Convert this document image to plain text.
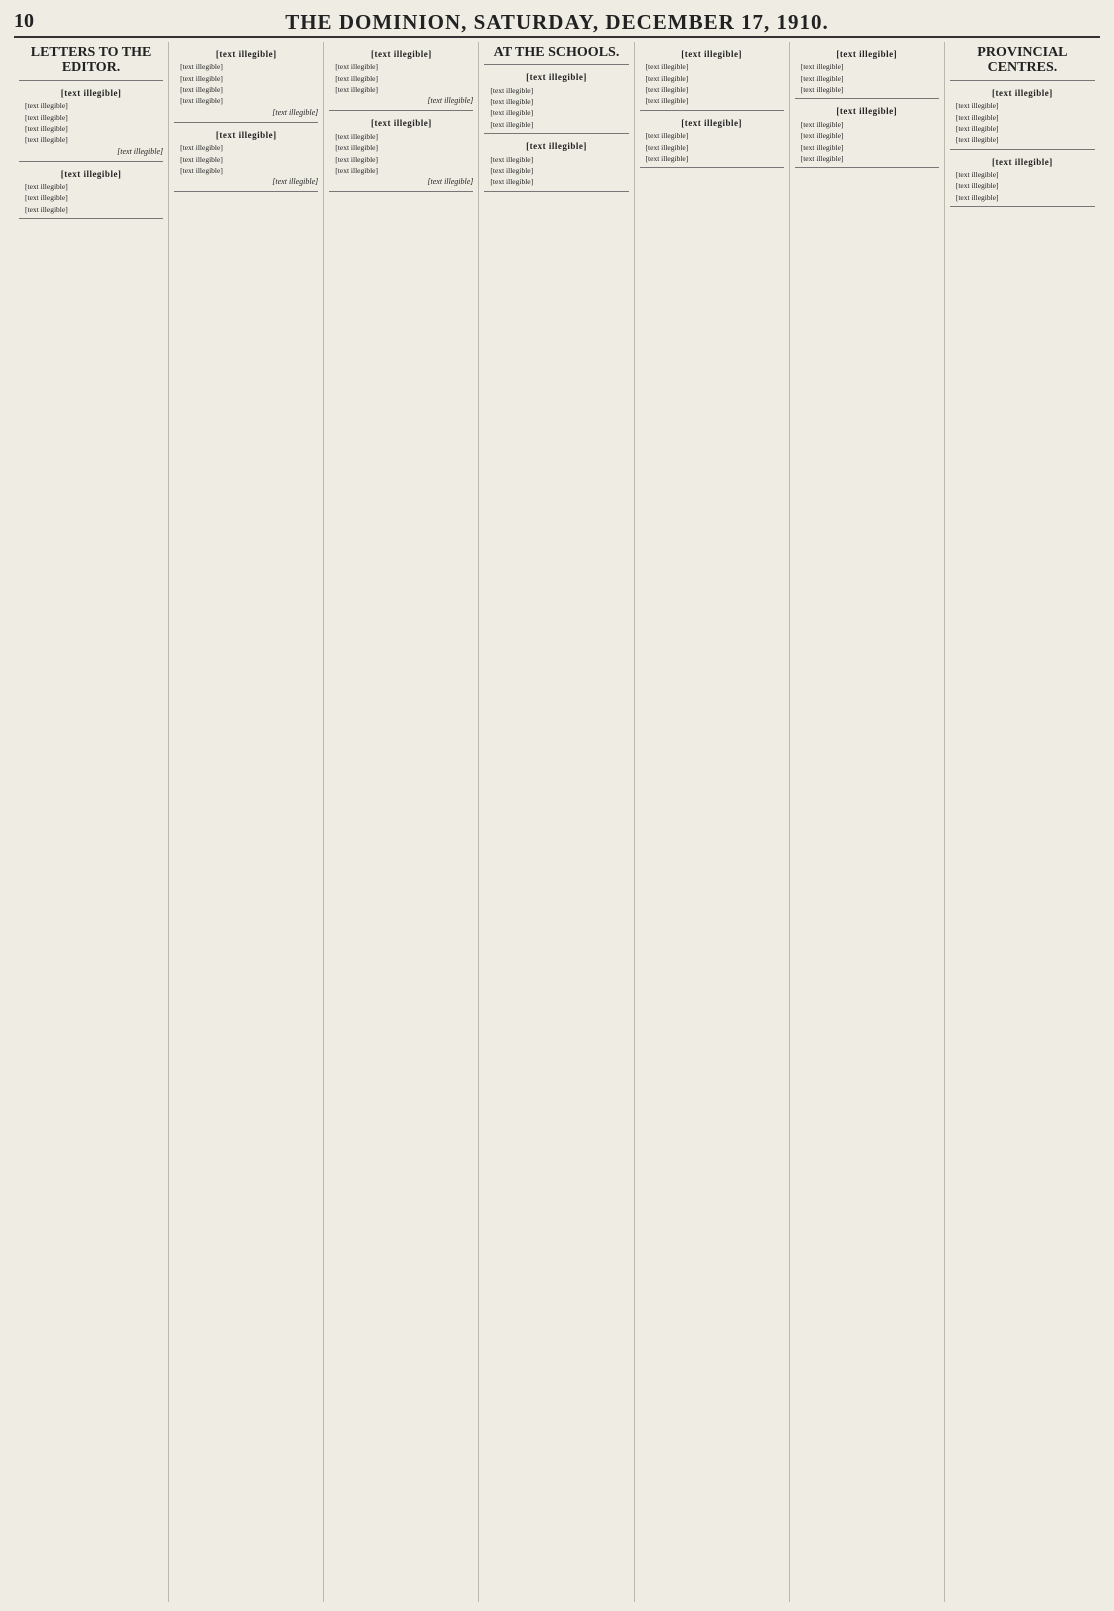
10	THE DOMINION, SATURDAY, DECEMBER 17, 1910.
LETTERS TO THE EDITOR.
[text illegible]
[text illegible]
[text illegible]
[text illegible]
[text illegible]
[text illegible]
[text illegible]
[text illegible]
[text illegible]
[text illegible]
[text illegible]
[text illegible]
[text illegible]
[text illegible]
[text illegible]
[text illegible]
[text illegible]
[text illegible]
[text illegible]
[text illegible]
[text illegible]
[text illegible]
[text illegible]
[text illegible]
[text illegible]
[text illegible]
[text illegible]
[text illegible]
[text illegible]
[text illegible]
[text illegible]
[text illegible]
AT THE SCHOOLS.
[text illegible]
[text illegible]
[text illegible]
[text illegible]
[text illegible]
[text illegible]
[text illegible]
[text illegible]
[text illegible]
[text illegible]
[text illegible]
[text illegible]
[text illegible]
[text illegible]
[text illegible]
[text illegible]
[text illegible]
[text illegible]
[text illegible]
[text illegible]
[text illegible]
[text illegible]
[text illegible]
[text illegible]
[text illegible]
[text illegible]
[text illegible]
PROVINCIAL CENTRES.
[text illegible]
[text illegible]
[text illegible]
[text illegible]
[text illegible]
[text illegible]
[text illegible]
[text illegible]
[text illegible]
